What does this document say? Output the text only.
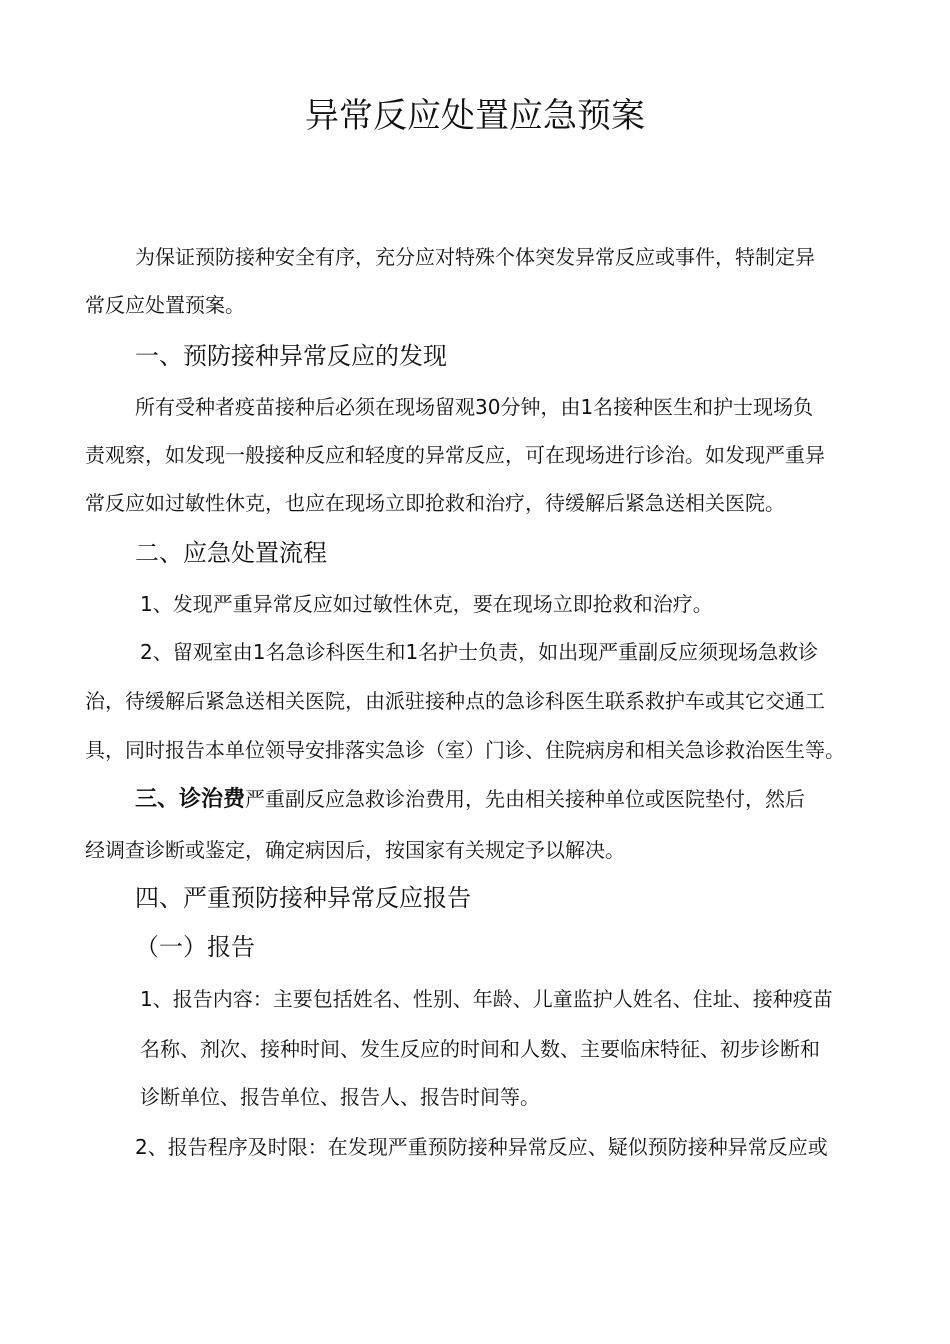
异常反应处置应急预案
为保证预防接种安全有序，充分应对特殊个体突发异常反应或事件，特制定异
常反应处置预案。
一、预防接种异常反应的发现
所有受种者疫苗接种后必须在现场留观30分钟，由1名接种医生和护士现场负
责观察，如发现一般接种反应和轻度的异常反应，可在现场进行诊治。如发现严重异
常反应如过敏性休克，也应在现场立即抢救和治疗，待缓解后紧急送相关医院。
二、应急处置流程
1、发现严重异常反应如过敏性休克，要在现场立即抢救和治疗。
2、留观室由1名急诊科医生和1名护士负责，如出现严重副反应须现场急救诊
治，待缓解后紧急送相关医院，由派驻接种点的急诊科医生联系救护车或其它交通工
具，同时报告本单位领导安排落实急诊（室）门诊、住院病房和相关急诊救治医生等。
三、诊治费严重副反应急救诊治费用，先由相关接种单位或医院垫付，然后
经调查诊断或鉴定，确定病因后，按国家有关规定予以解决。
四、严重预防接种异常反应报告
（一）报告
1、报告内容：主要包括姓名、性别、年龄、儿童监护人姓名、住址、接种疫苗
名称、剂次、接种时间、发生反应的时间和人数、主要临床特征、初步诊断和
诊断单位、报告单位、报告人、报告时间等。
2、报告程序及时限：在发现严重预防接种异常反应、疑似预防接种异常反应或
